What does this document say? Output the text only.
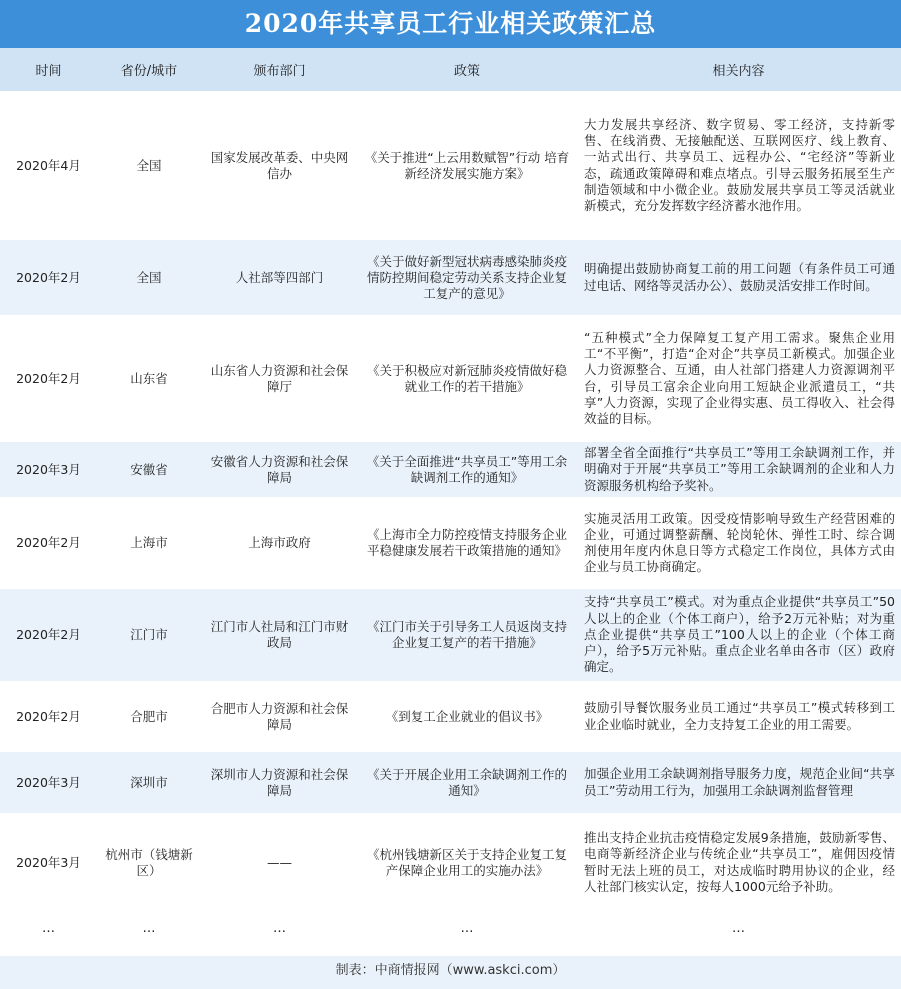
2020年共享员工行业相关政策汇总
时间	省份/城市	颁布部门	政策	相关内容
2020年4月	全国	国家发展改革委、中央网信办	《关于推进“上云用数赋智”行动 培育新经济发展实施方案》	大力发展共享经济、数字贸易、零工经济，支持新零售、在线消费、无接触配送、互联网医疗、线上教育、一站式出行、共享员工、远程办公、“宅经济”等新业态，疏通政策障碍和难点堵点。引导云服务拓展至生产制造领域和中小微企业。鼓励发展共享员工等灵活就业新模式，充分发挥数字经济蓄水池作用。
2020年2月	全国	人社部等四部门	《关于做好新型冠状病毒感染肺炎疫情防控期间稳定劳动关系支持企业复工复产的意见》	明确提出鼓励协商复工前的用工问题（有条件员工可通过电话、网络等灵活办公）、鼓励灵活安排工作时间。
2020年2月	山东省	山东省人力资源和社会保障厅	《关于积极应对新冠肺炎疫情做好稳就业工作的若干措施》	“五种模式”全力保障复工复产用工需求。聚焦企业用工“不平衡”，打造“企对企”共享员工新模式。加强企业人力资源整合、互通，由人社部门搭建人力资源调剂平台，引导员工富余企业向用工短缺企业派遣员工，“共享”人力资源，实现了企业得实惠、员工得收入、社会得效益的目标。
2020年3月	安徽省	安徽省人力资源和社会保障局	《关于全面推进“共享员工”等用工余缺调剂工作的通知》	部署全省全面推行“共享员工”等用工余缺调剂工作，并明确对于开展“共享员工”等用工余缺调剂的企业和人力资源服务机构给予奖补。
2020年2月	上海市	上海市政府	《上海市全力防控疫情支持服务企业平稳健康发展若干政策措施的通知》	实施灵活用工政策。因受疫情影响导致生产经营困难的企业，可通过调整薪酬、轮岗轮休、弹性工时、综合调剂使用年度内休息日等方式稳定工作岗位，具体方式由企业与员工协商确定。
2020年2月	江门市	江门市人社局和江门市财政局	《江门市关于引导务工人员返岗支持企业复工复产的若干措施》	支持“共享员工”模式。对为重点企业提供“共享员工”50人以上的企业（个体工商户），给予2万元补贴；对为重点企业提供“共享员工”100人以上的企业（个体工商户），给予5万元补贴。重点企业名单由各市（区）政府确定。
2020年2月	合肥市	合肥市人力资源和社会保障局	《到复工企业就业的倡议书》	鼓励引导餐饮服务业员工通过“共享员工”模式转移到工业企业临时就业，全力支持复工企业的用工需要。
2020年3月	深圳市	深圳市人力资源和社会保障局	《关于开展企业用工余缺调剂工作的通知》	加强企业用工余缺调剂指导服务力度，规范企业间“共享员工”劳动用工行为，加强用工余缺调剂监督管理
2020年3月	杭州市（钱塘新区）	——	《杭州钱塘新区关于支持企业复工复产保障企业用工的实施办法》	推出支持企业抗击疫情稳定发展9条措施，鼓励新零售、电商等新经济企业与传统企业“共享员工”，雇佣因疫情暂时无法上班的员工，对达成临时聘用协议的企业，经人社部门核实认定，按每人1000元给予补助。
…	…	…	…	…
制表：中商情报网（www.askci.com）
